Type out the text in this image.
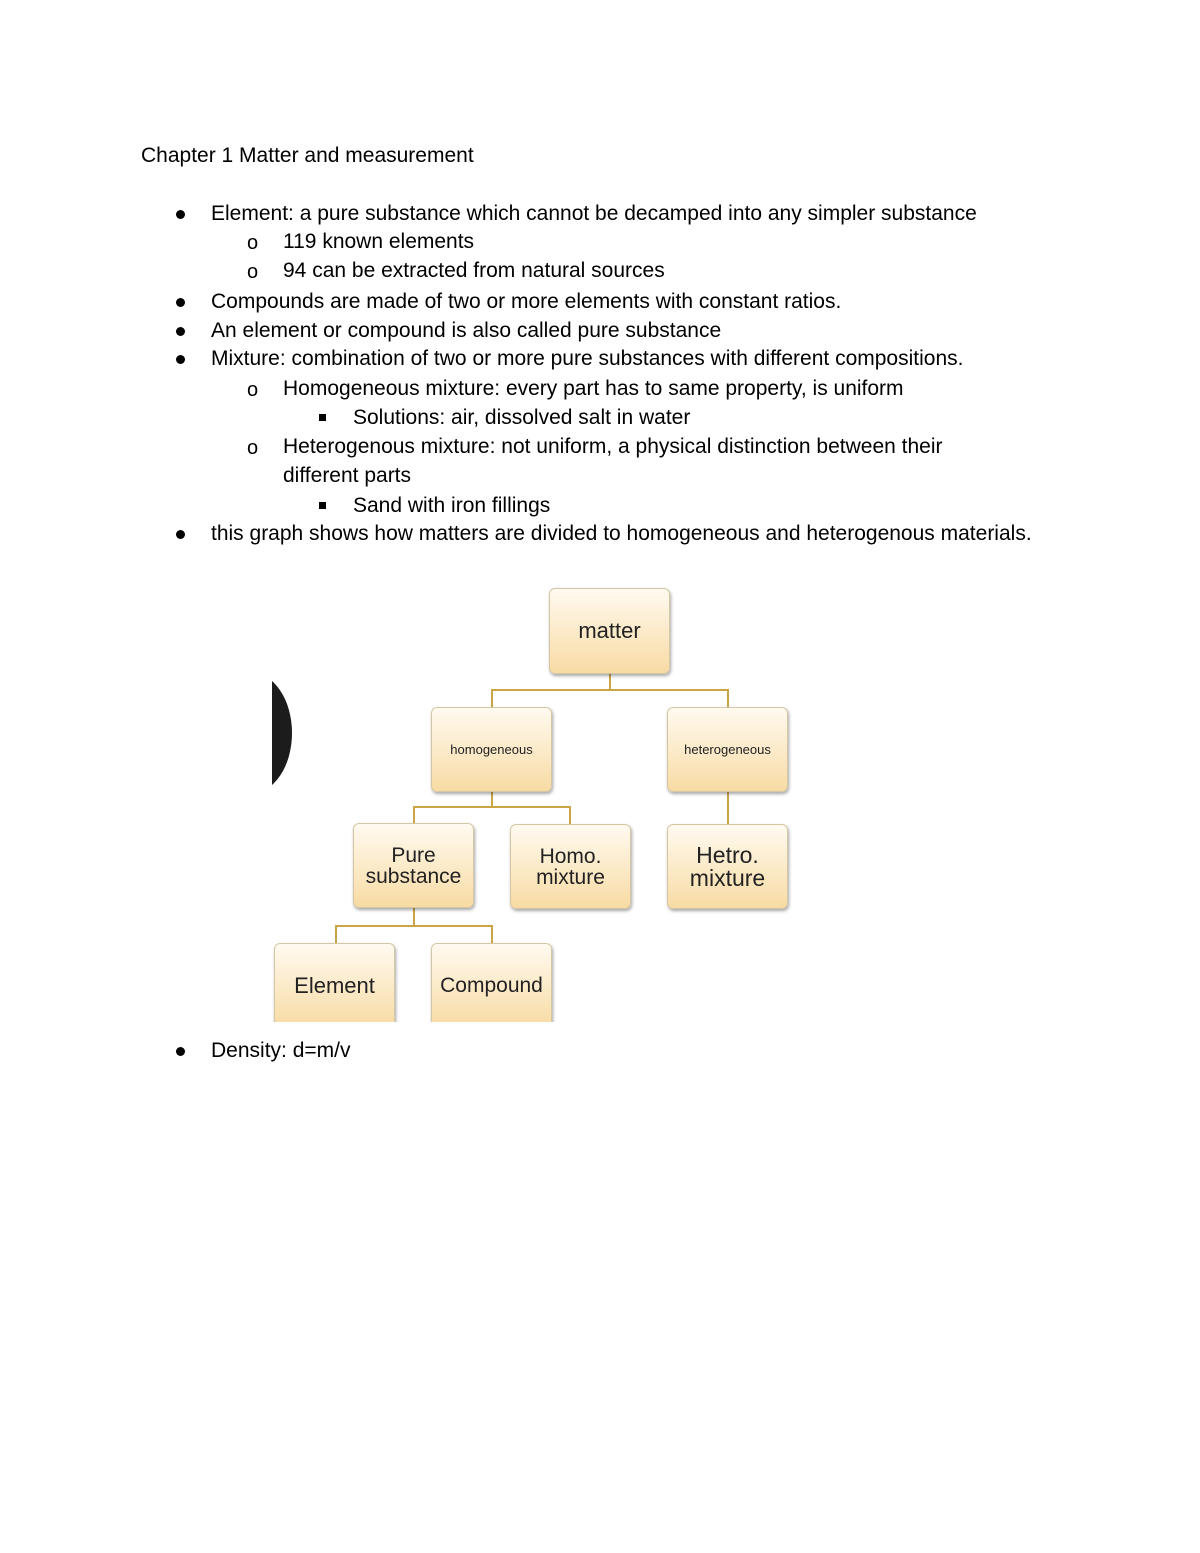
Chapter 1 Matter and measurement
Element: a pure substance which cannot be decamped into any simpler substance
o 119 known elements
o 94 can be extracted from natural sources
Compounds are made of two or more elements with constant ratios.
An element or compound is also called pure substance
Mixture: combination of two or more pure substances with different compositions.
o Homogeneous mixture: every part has to same property, is uniform
Solutions: air, dissolved salt in water
o Heterogenous mixture: not uniform, a physical distinction between their
different parts
Sand with iron fillings
this graph shows how matters are divided to homogeneous and heterogenous materials.
matter
homogeneous	heterogeneous
Pure
substance
Homo.
mixture
Hetro.
mixture
Element	Compound
Density: d=m/v
